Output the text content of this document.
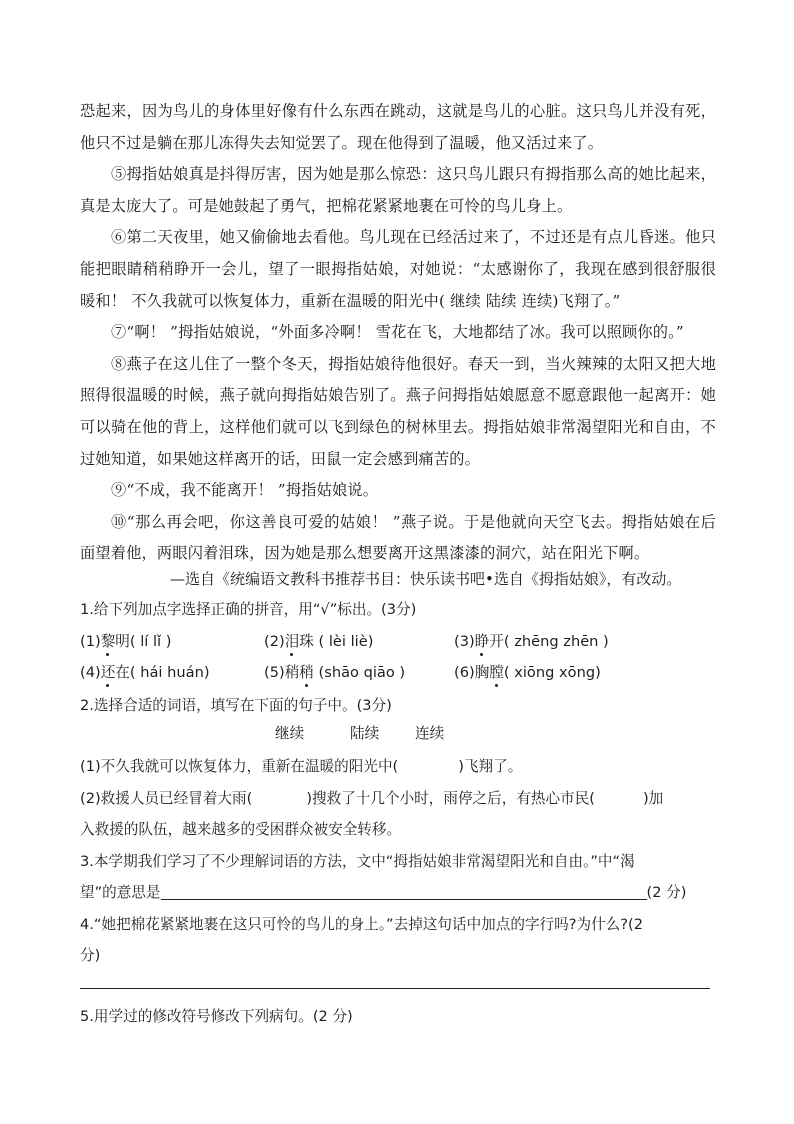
恐起来，因为鸟儿的身体里好像有什么东西在跳动，这就是鸟儿的心脏。这只鸟儿并没有死，他只不过是躺在那儿冻得失去知觉罢了。现在他得到了温暖，他又活过来了。

⑤拇指姑娘真是抖得厉害，因为她是那么惊恐：这只鸟儿跟只有拇指那么高的她比起来，真是太庞大了。可是她鼓起了勇气，把棉花紧紧地裹在可怜的鸟儿身上。

⑥第二天夜里，她又偷偷地去看他。鸟儿现在已经活过来了，不过还是有点儿昏迷。他只能把眼睛稍稍睁开一会儿，望了一眼拇指姑娘，对她说：“太感谢你了，我现在感到很舒服很暖和！ 不久我就可以恢复体力，重新在温暖的阳光中( 继续 陆续 连续)飞翔了。”

⑦“啊！ ”拇指姑娘说，“外面多冷啊！ 雪花在飞，大地都结了冰。我可以照顾你的。”

⑧燕子在这儿住了一整个冬天，拇指姑娘待他很好。春天一到，当火辣辣的太阳又把大地照得很温暖的时候，燕子就向拇指姑娘告别了。燕子问拇指姑娘愿意不愿意跟他一起离开：她可以骑在他的背上，这样他们就可以飞到绿色的树林里去。拇指姑娘非常渴望阳光和自由，不过她知道，如果她这样离开的话，田鼠一定会感到痛苦的。

⑨“不成，我不能离开！ ”拇指姑娘说。

⑩“那么再会吧，你这善良可爱的姑娘！ ”燕子说。于是他就向天空飞去。拇指姑娘在后面望着他，两眼闪着泪珠，因为她是那么想要离开这黑漆漆的洞穴，站在阳光下啊。

—选自《统编语文教科书推荐书目：快乐读书吧•选自《拇指姑娘》，有改动。
1.给下列加点字选择正确的拼音，用“√”标出。(3分)
(1)黎明( lí lǐ )	(2)泪珠 ( lèi liè)	(3)睁开( zhēng zhēn )
(4)还在( hái huán)	(5)稍稍 (shāo qiāo )	(6)胸膛( xiōng xōng)
2.选择合适的词语，填写在下面的句子中。(3分)
继续	陆续 连续
(1)不久我就可以恢复体力，重新在温暖的阳光中(	)飞翔了。
(2)救援人员已经冒着大雨(	)搜救了十几个小时，雨停之后，有热心市民(	)加
入救援的队伍，越来越多的受困群众被安全转移。
3.本学期我们学习了不少理解词语的方法，文中“拇指姑娘非常渴望阳光和自由。”中“渴
望”的意思是	(2 分)
4.“她把棉花紧紧地裹在这只可怜的鸟儿的身上。”去掉这句话中加点的字行吗?为什么?(2
分)
5.用学过的修改符号修改下列病句。(2 分)
